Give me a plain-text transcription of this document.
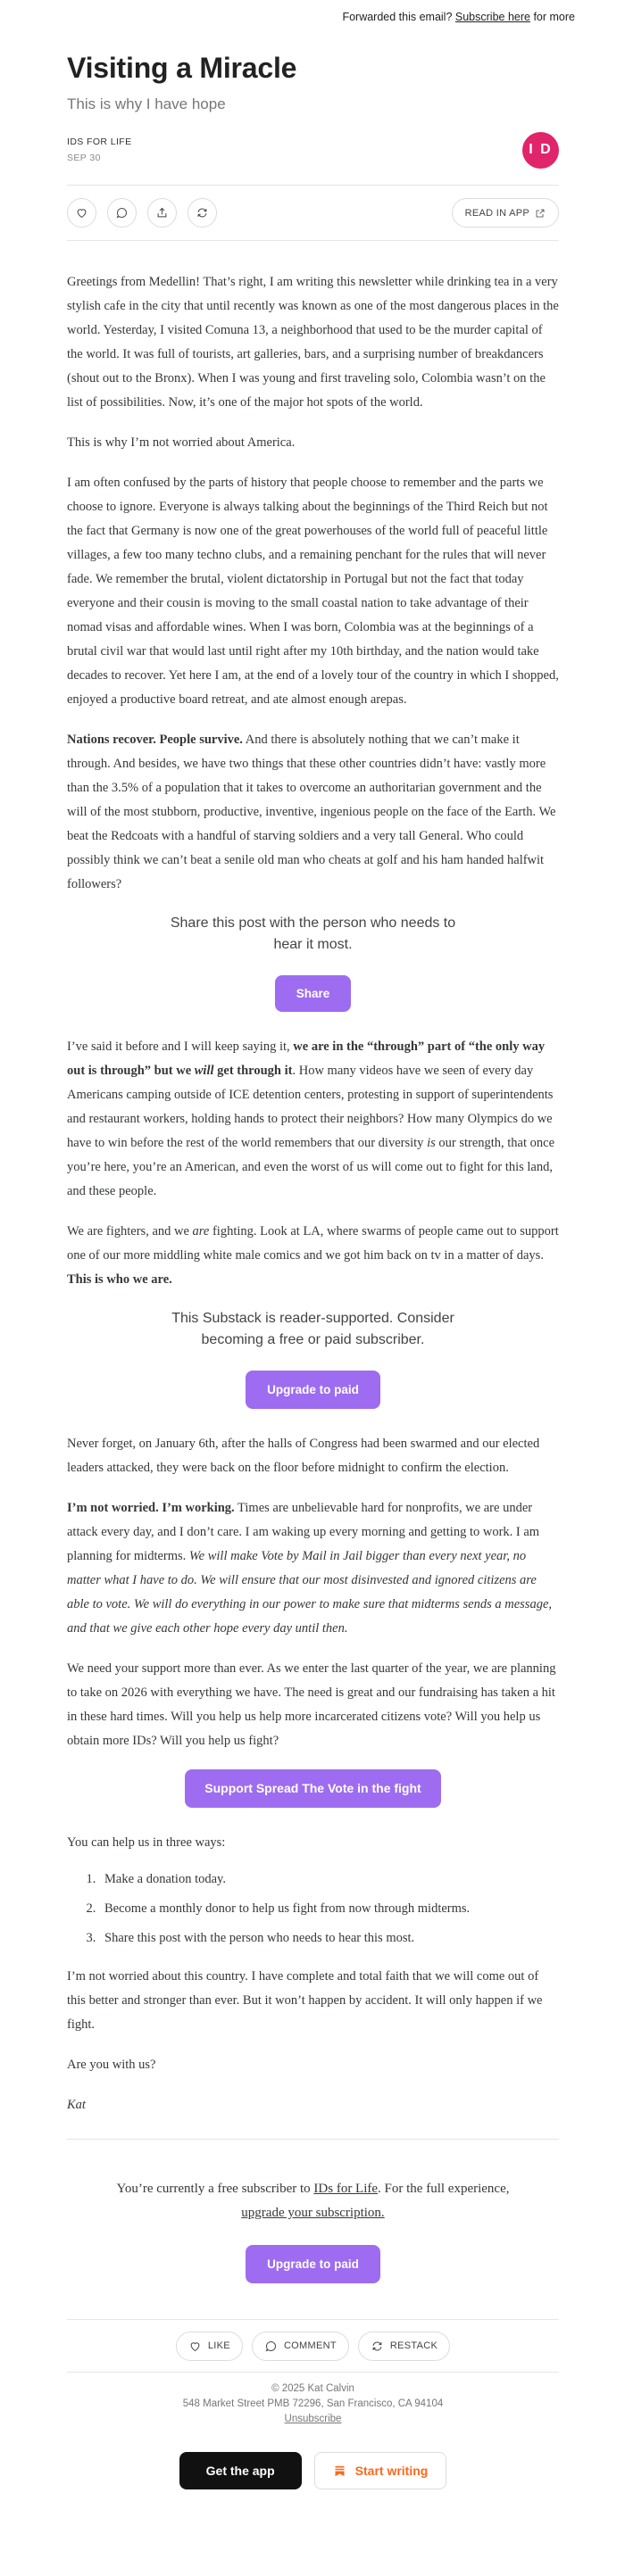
Forwarded this email? Subscribe here for more
Visiting a Miracle
This is why I have hope
IDS FOR LIFE
SEP 30
I D
READ IN APP

Greetings from Medellin! That’s right, I am writing this newsletter while drinking tea in a very stylish cafe in the city that until recently was known as one of the most dangerous places in the world. Yesterday, I visited Comuna 13, a neighborhood that used to be the murder capital of the world. It was full of tourists, art galleries, bars, and a surprising number of breakdancers (shout out to the Bronx). When I was young and first traveling solo, Colombia wasn’t on the list of possibilities. Now, it’s one of the major hot spots of the world.

This is why I’m not worried about America.

I am often confused by the parts of history that people choose to remember and the parts we choose to ignore. Everyone is always talking about the beginnings of the Third Reich but not the fact that Germany is now one of the great powerhouses of the world full of peaceful little villages, a few too many techno clubs, and a remaining penchant for the rules that will never fade. We remember the brutal, violent dictatorship in Portugal but not the fact that today everyone and their cousin is moving to the small coastal nation to take advantage of their nomad visas and affordable wines. When I was born, Colombia was at the beginnings of a brutal civil war that would last until right after my 10th birthday, and the nation would take decades to recover. Yet here I am, at the end of a lovely tour of the country in which I shopped, enjoyed a productive board retreat, and ate almost enough arepas.

Nations recover. People survive. And there is absolutely nothing that we can’t make it through. And besides, we have two things that these other countries didn’t have: vastly more than the 3.5% of a population that it takes to overcome an authoritarian government and the will of the most stubborn, productive, inventive, ingenious people on the face of the Earth. We beat the Redcoats with a handful of starving soldiers and a very tall General. Who could possibly think we can’t beat a senile old man who cheats at golf and his ham handed halfwit followers?

Share this post with the person who needs to hear it most.
Share

I’ve said it before and I will keep saying it, we are in the “through” part of “the only way out is through” but we will get through it. How many videos have we seen of every day Americans camping outside of ICE detention centers, protesting in support of superintendents and restaurant workers, holding hands to protect their neighbors? How many Olympics do we have to win before the rest of the world remembers that our diversity is our strength, that once you’re here, you’re an American, and even the worst of us will come out to fight for this land, and these people.

We are fighters, and we are fighting. Look at LA, where swarms of people came out to support one of our more middling white male comics and we got him back on tv in a matter of days. This is who we are.

This Substack is reader-supported. Consider becoming a free or paid subscriber.
Upgrade to paid

Never forget, on January 6th, after the halls of Congress had been swarmed and our elected leaders attacked, they were back on the floor before midnight to confirm the election.

I’m not worried. I’m working. Times are unbelievable hard for nonprofits, we are under attack every day, and I don’t care. I am waking up every morning and getting to work. I am planning for midterms. We will make Vote by Mail in Jail bigger than every next year, no matter what I have to do. We will ensure that our most disinvested and ignored citizens are able to vote. We will do everything in our power to make sure that midterms sends a message, and that we give each other hope every day until then.

We need your support more than ever. As we enter the last quarter of the year, we are planning to take on 2026 with everything we have. The need is great and our fundraising has taken a hit in these hard times. Will you help us help more incarcerated citizens vote? Will you help us obtain more IDs? Will you help us fight?

Support Spread The Vote in the fight

You can help us in three ways:

1. Make a donation today.
2. Become a monthly donor to help us fight from now through midterms.
3. Share this post with the person who needs to hear this most.

I’m not worried about this country. I have complete and total faith that we will come out of this better and stronger than ever. But it won’t happen by accident. It will only happen if we fight.

Are you with us?

Kat

You’re currently a free subscriber to IDs for Life. For the full experience, upgrade your subscription.
Upgrade to paid
LIKE	COMMENT	RESTACK
© 2025 Kat Calvin
548 Market Street PMB 72296, San Francisco, CA 94104
Unsubscribe
Get the app	Start writing
